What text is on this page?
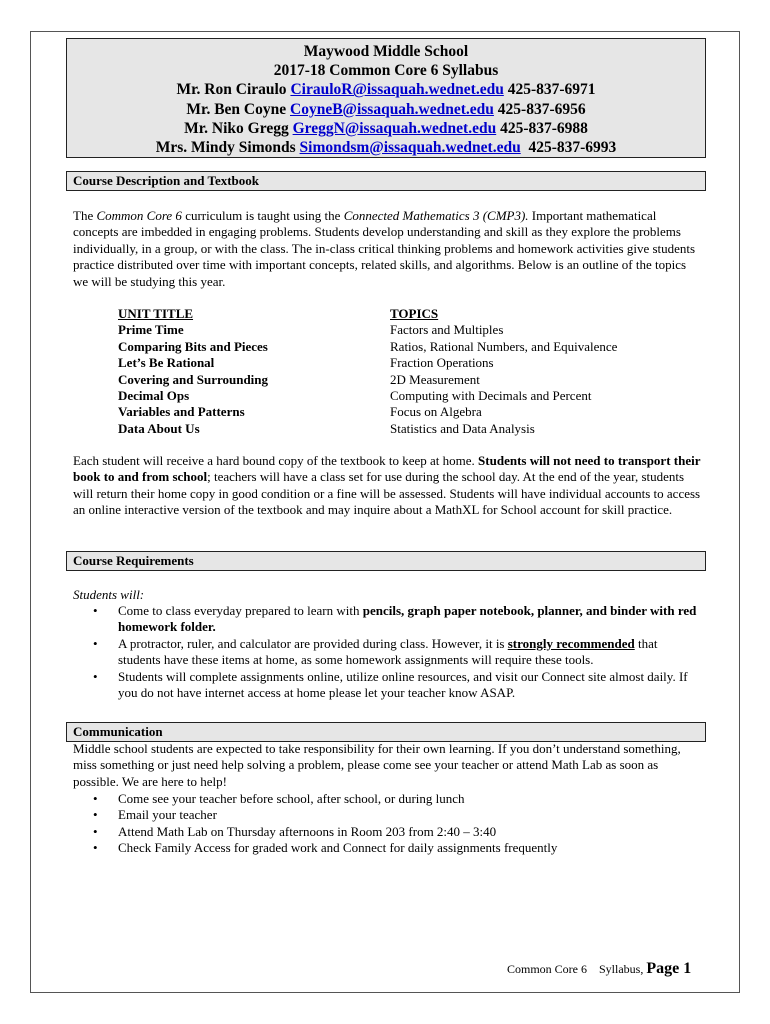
Maywood Middle School
2017-18 Common Core 6 Syllabus
Mr. Ron Ciraulo CirauloR@issaquah.wednet.edu 425-837-6971
Mr. Ben Coyne CoyneB@issaquah.wednet.edu 425-837-6956
Mr. Niko Gregg GreggN@issaquah.wednet.edu 425-837-6988
Mrs. Mindy Simonds Simondsm@issaquah.wednet.edu 425-837-6993
Course Description and Textbook
The Common Core 6 curriculum is taught using the Connected Mathematics 3 (CMP3). Important mathematical concepts are imbedded in engaging problems. Students develop understanding and skill as they explore the problems individually, in a group, or with the class. The in-class critical thinking problems and homework activities give students practice distributed over time with important concepts, related skills, and algorithms. Below is an outline of the topics we will be studying this year.
UNIT TITLE	TOPICS
Prime Time	Factors and Multiples
Comparing Bits and Pieces	Ratios, Rational Numbers, and Equivalence
Let’s Be Rational	Fraction Operations
Covering and Surrounding	2D Measurement
Decimal Ops	Computing with Decimals and Percent
Variables and Patterns	Focus on Algebra
Data About Us	Statistics and Data Analysis
Each student will receive a hard bound copy of the textbook to keep at home. Students will not need to transport their book to and from school; teachers will have a class set for use during the school day. At the end of the year, students will return their home copy in good condition or a fine will be assessed. Students will have individual accounts to access an online interactive version of the textbook and may inquire about a MathXL for School account for skill practice.
Course Requirements
Students will:
• Come to class everyday prepared to learn with pencils, graph paper notebook, planner, and binder with red homework folder.
• A protractor, ruler, and calculator are provided during class. However, it is strongly recommended that students have these items at home, as some homework assignments will require these tools.
• Students will complete assignments online, utilize online resources, and visit our Connect site almost daily. If you do not have internet access at home please let your teacher know ASAP.
Communication
Middle school students are expected to take responsibility for their own learning. If you don’t understand something, miss something or just need help solving a problem, please come see your teacher or attend Math Lab as soon as possible. We are here to help!
• Come see your teacher before school, after school, or during lunch
• Email your teacher
• Attend Math Lab on Thursday afternoons in Room 203 from 2:40 – 3:40
• Check Family Access for graded work and Connect for daily assignments frequently
Common Core 6 Syllabus, Page 1
